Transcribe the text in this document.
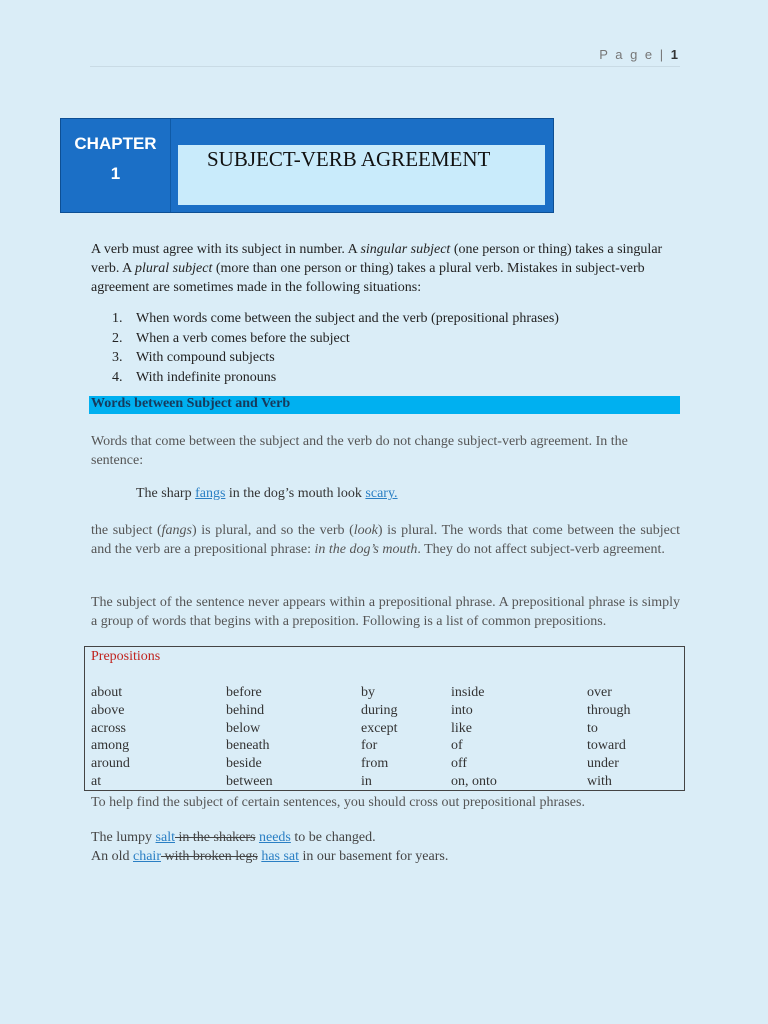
P a g e | 1
CHAPTER
1
SUBJECT-VERB AGREEMENT
A verb must agree with its subject in number. A singular subject (one person or thing) takes a singular verb. A plural subject (more than one person or thing) takes a plural verb. Mistakes in subject-verb agreement are sometimes made in the following situations:
1. When words come between the subject and the verb (prepositional phrases)
2. When a verb comes before the subject
3. With compound subjects
4. With indefinite pronouns
Words between Subject and Verb
Words that come between the subject and the verb do not change subject-verb agreement. In the sentence:
The sharp fangs in the dog’s mouth look scary.
the subject (fangs) is plural, and so the verb (look) is plural. The words that come between the subject and the verb are a prepositional phrase: in the dog’s mouth. They do not affect subject-verb agreement.
The subject of the sentence never appears within a prepositional phrase. A prepositional phrase is simply a group of words that begins with a preposition. Following is a list of common prepositions.
Prepositions
about
above
across
among
around
at
before
behind
below
beneath
beside
between
by
during
except
for
from
in
inside
into
like
of
off
on, onto
over
through
to
toward
under
with
To help find the subject of certain sentences, you should cross out prepositional phrases.
The lumpy salt in the shakers needs to be changed.
An old chair with broken legs has sat in our basement for years.
